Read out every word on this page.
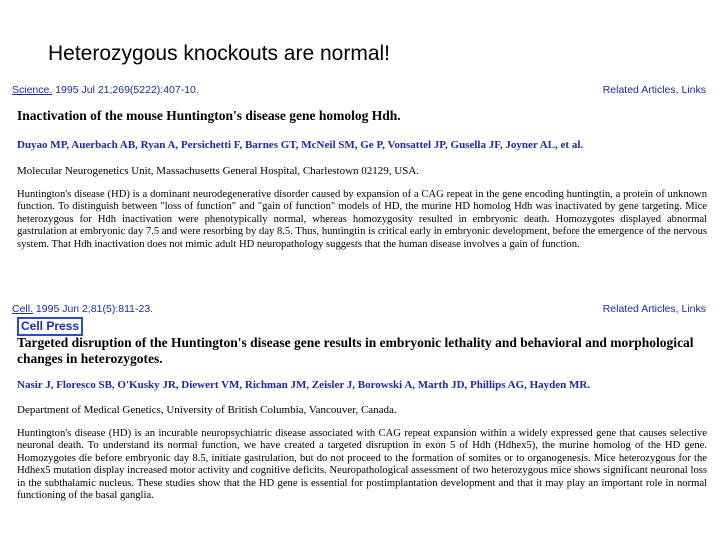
Heterozygous knockouts are normal!
Science. 1995 Jul 21;269(5222):407-10.	Related Articles, Links

Inactivation of the mouse Huntington's disease gene homolog Hdh.

Duyao MP, Auerbach AB, Ryan A, Persichetti F, Barnes GT, McNeil SM, Ge P, Vonsattel JP, Gusella JF, Joyner AL, et al.

Molecular Neurogenetics Unit, Massachusetts General Hospital, Charlestown 02129, USA.

Huntington's disease (HD) is a dominant neurodegenerative disorder caused by expansion of a CAG repeat in the gene encoding huntingtin, a protein of unknown function. To distinguish between "loss of function" and "gain of function" models of HD, the murine HD homolog Hdh was inactivated by gene targeting. Mice heterozygous for Hdh inactivation were phenotypically normal, whereas homozygosity resulted in embryonic death. Homozygotes displayed abnormal gastrulation at embryonic day 7.5 and were resorbing by day 8.5. Thus, huntingtin is critical early in embryonic development, before the emergence of the nervous system. That Hdh inactivation does not mimic adult HD neuropathology suggests that the human disease involves a gain of function.

Cell. 1995 Jun 2;81(5):811-23.	Related Articles, Links
Cell Press

Targeted disruption of the Huntington's disease gene results in embryonic lethality and behavioral and morphological changes in heterozygotes.

Nasir J, Floresco SB, O'Kusky JR, Diewert VM, Richman JM, Zeisler J, Borowski A, Marth JD, Phillips AG, Hayden MR.

Department of Medical Genetics, University of British Columbia, Vancouver, Canada.

Huntington's disease (HD) is an incurable neuropsychiatric disease associated with CAG repeat expansion within a widely expressed gene that causes selective neuronal death. To understand its normal function, we have created a targeted disruption in exon 5 of Hdh (Hdhex5), the murine homolog of the HD gene. Homozygotes die before embryonic day 8.5, initiate gastrulation, but do not proceed to the formation of somites or to organogenesis. Mice heterozygous for the Hdhex5 mutation display increased motor activity and cognitive deficits. Neuropathological assessment of two heterozygous mice shows significant neuronal loss in the subthalamic nucleus. These studies show that the HD gene is essential for postimplantation development and that it may play an important role in normal functioning of the basal ganglia.
